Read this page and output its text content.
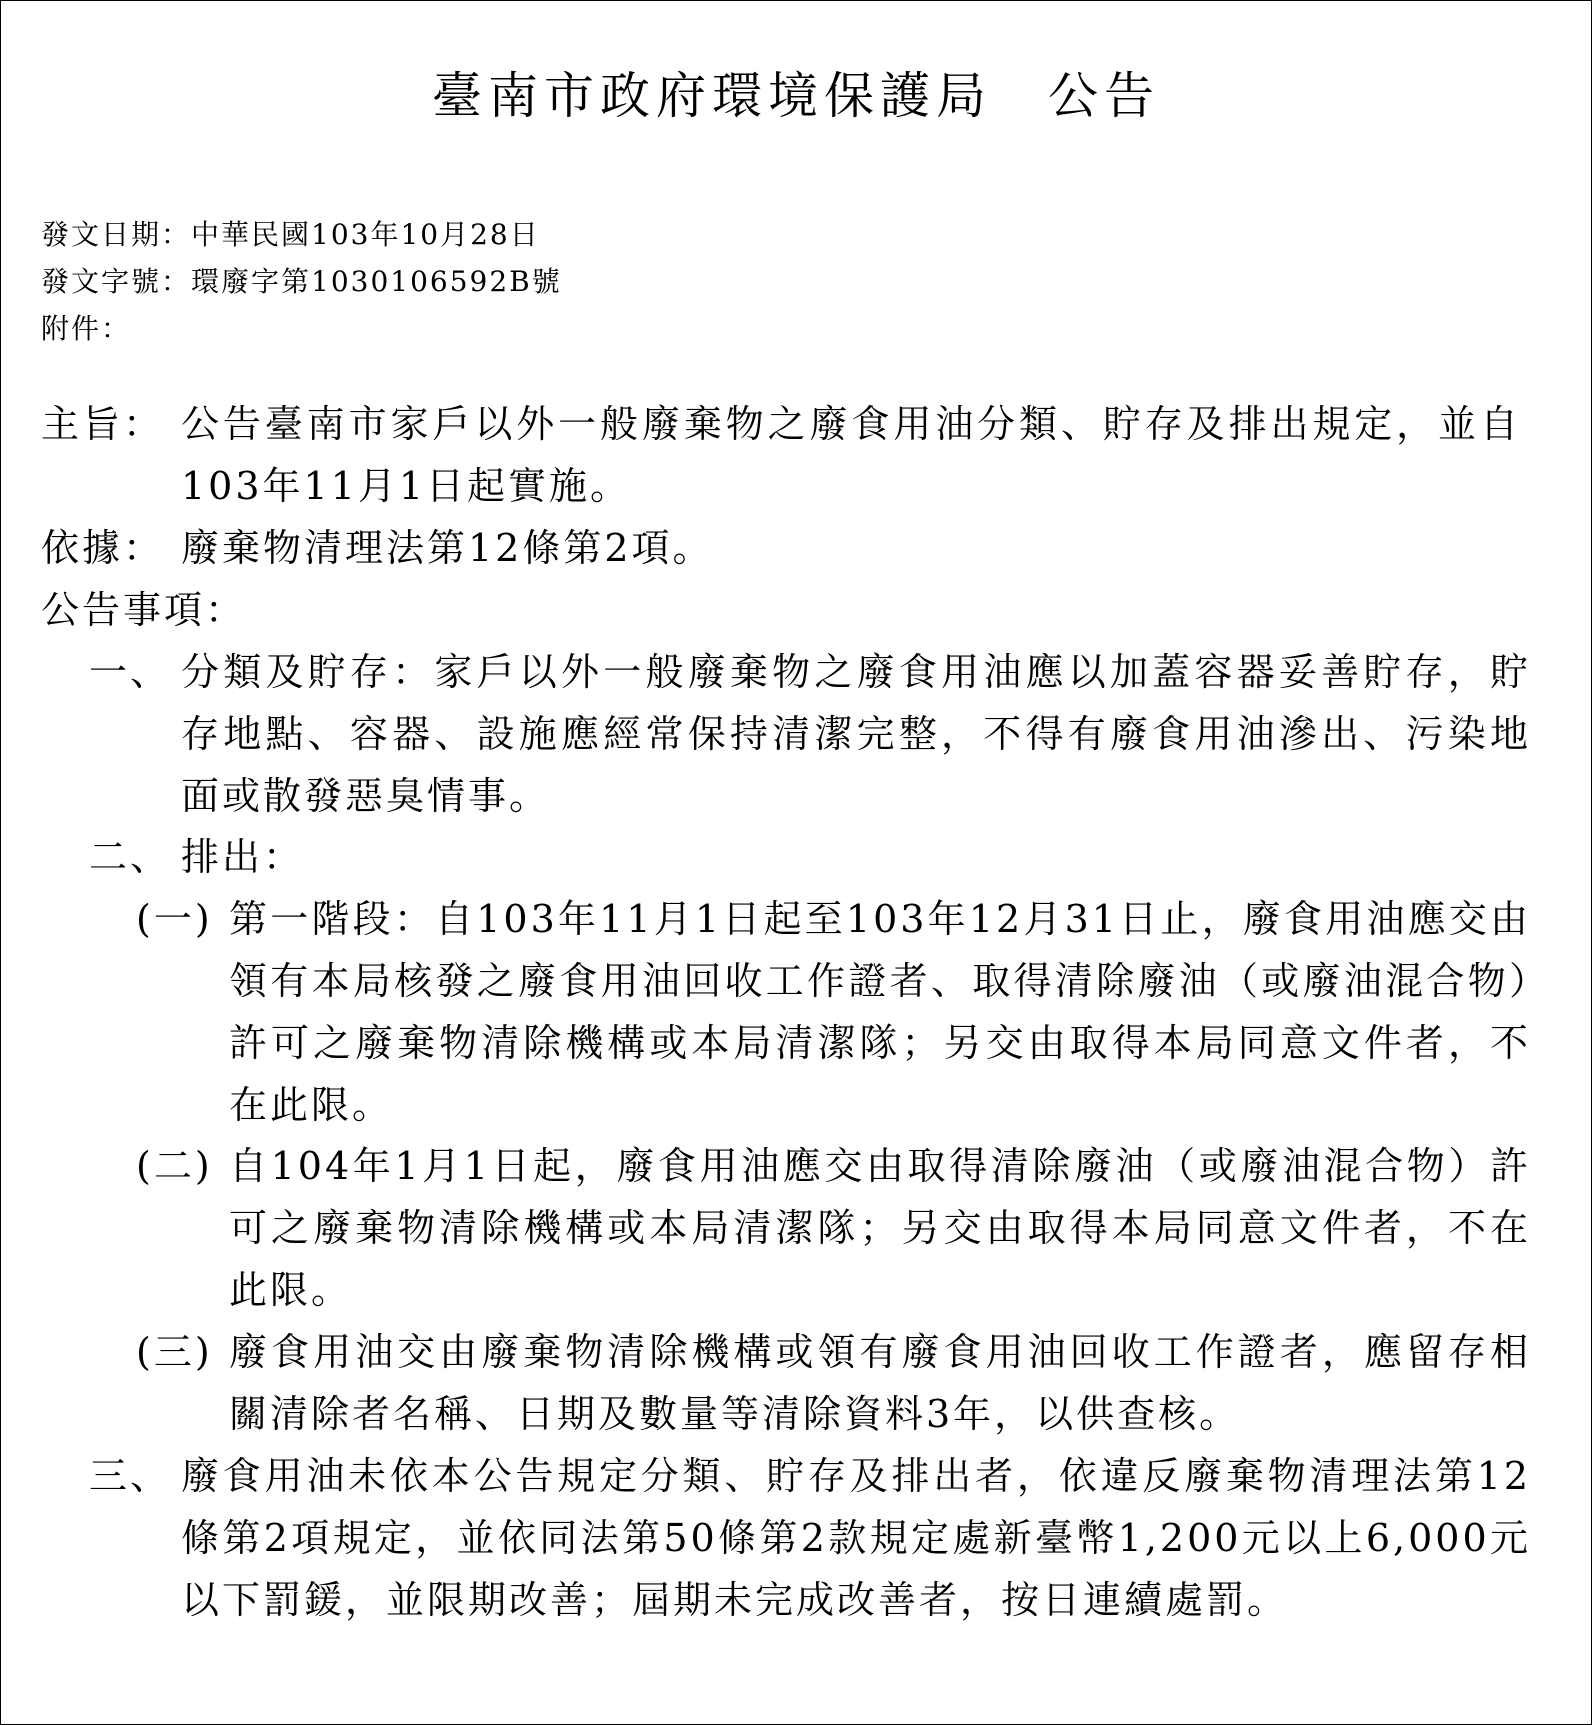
臺南市政府環境保護局　公告
發文日期：中華民國103年10月28日
發文字號：環廢字第1030106592B號
附件：
主旨： 公告臺南市家戶以外一般廢棄物之廢食用油分類、貯存及排出規定，並自103年11月1日起實施。
依據： 廢棄物清理法第12條第2項。
公告事項：
一、 分類及貯存：家戶以外一般廢棄物之廢食用油應以加蓋容器妥善貯存，貯存地點、容器、設施應經常保持清潔完整，不得有廢食用油滲出、污染地面或散發惡臭情事。
二、 排出：
(一) 第一階段：自103年11月1日起至103年12月31日止，廢食用油應交由領有本局核發之廢食用油回收工作證者、取得清除廢油（或廢油混合物）許可之廢棄物清除機構或本局清潔隊；另交由取得本局同意文件者，不在此限。
(二) 自104年1月1日起，廢食用油應交由取得清除廢油（或廢油混合物）許可之廢棄物清除機構或本局清潔隊；另交由取得本局同意文件者，不在此限。
(三) 廢食用油交由廢棄物清除機構或領有廢食用油回收工作證者，應留存相關清除者名稱、日期及數量等清除資料3年，以供查核。
三、 廢食用油未依本公告規定分類、貯存及排出者，依違反廢棄物清理法第12條第2項規定，並依同法第50條第2款規定處新臺幣1,200元以上6,000元以下罰鍰，並限期改善；屆期未完成改善者，按日連續處罰。
